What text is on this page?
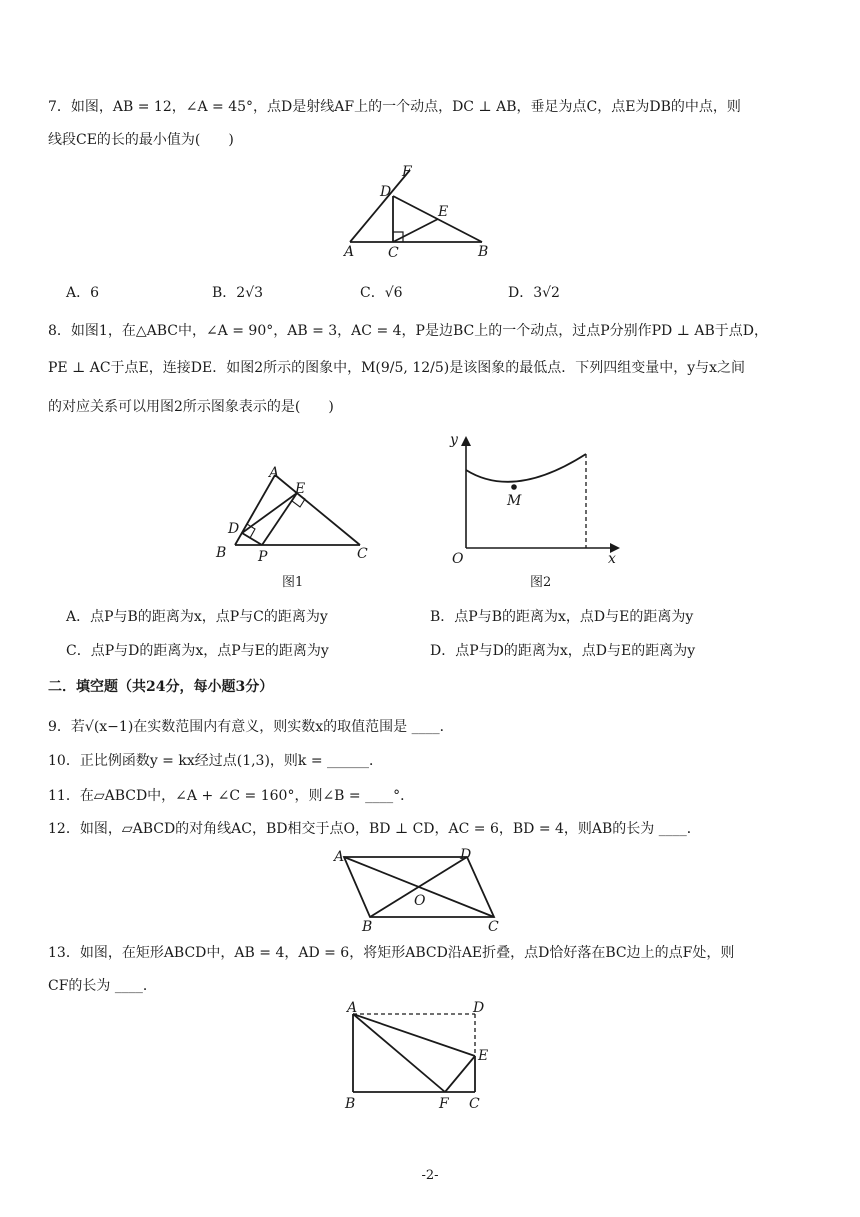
7．如图，AB = 12，∠A = 45°，点D是射线AF上的一个动点，DC ⊥ AB，垂足为点C，点E为DB的中点，则
线段CE的长的最小值为(　　)
F
D
E
A C	B
A．6	B．2√3	C．√6	D．3√2
8．如图1，在△ABC中，∠A = 90°，AB = 3，AC = 4，P是边BC上的一个动点，过点P分别作PD ⊥ AB于点D，
PE ⊥ AC于点E，连接DE．如图2所示的图象中，M(9/5, 12/5)是该图象的最低点．下列四组变量中，y与x之间
的对应关系可以用图2所示图象表示的是(　　)
A
E
D
B P	C
图1
y
M
O	x
图2
A．点P与B的距离为x，点P与C的距离为y	B．点P与B的距离为x，点D与E的距离为y
C．点P与D的距离为x，点P与E的距离为y	D．点P与D的距离为x，点D与E的距离为y
二．填空题（共24分，每小题3分）
9．若√(x−1)在实数范围内有意义，则实数x的取值范围是 ____．
10．正比例函数y = kx经过点(1,3)，则k = ______．
11．在▱ABCD中，∠A + ∠C = 160°，则∠B = ____°．
12．如图，▱ABCD的对角线AC，BD相交于点O，BD ⊥ CD，AC = 6，BD = 4，则AB的长为 ____．
A	D
O
B	C
13．如图，在矩形ABCD中，AB = 4，AD = 6，将矩形ABCD沿AE折叠，点D恰好落在BC边上的点F处，则
CF的长为 ____．
A	D
E
B	F C
-2-
